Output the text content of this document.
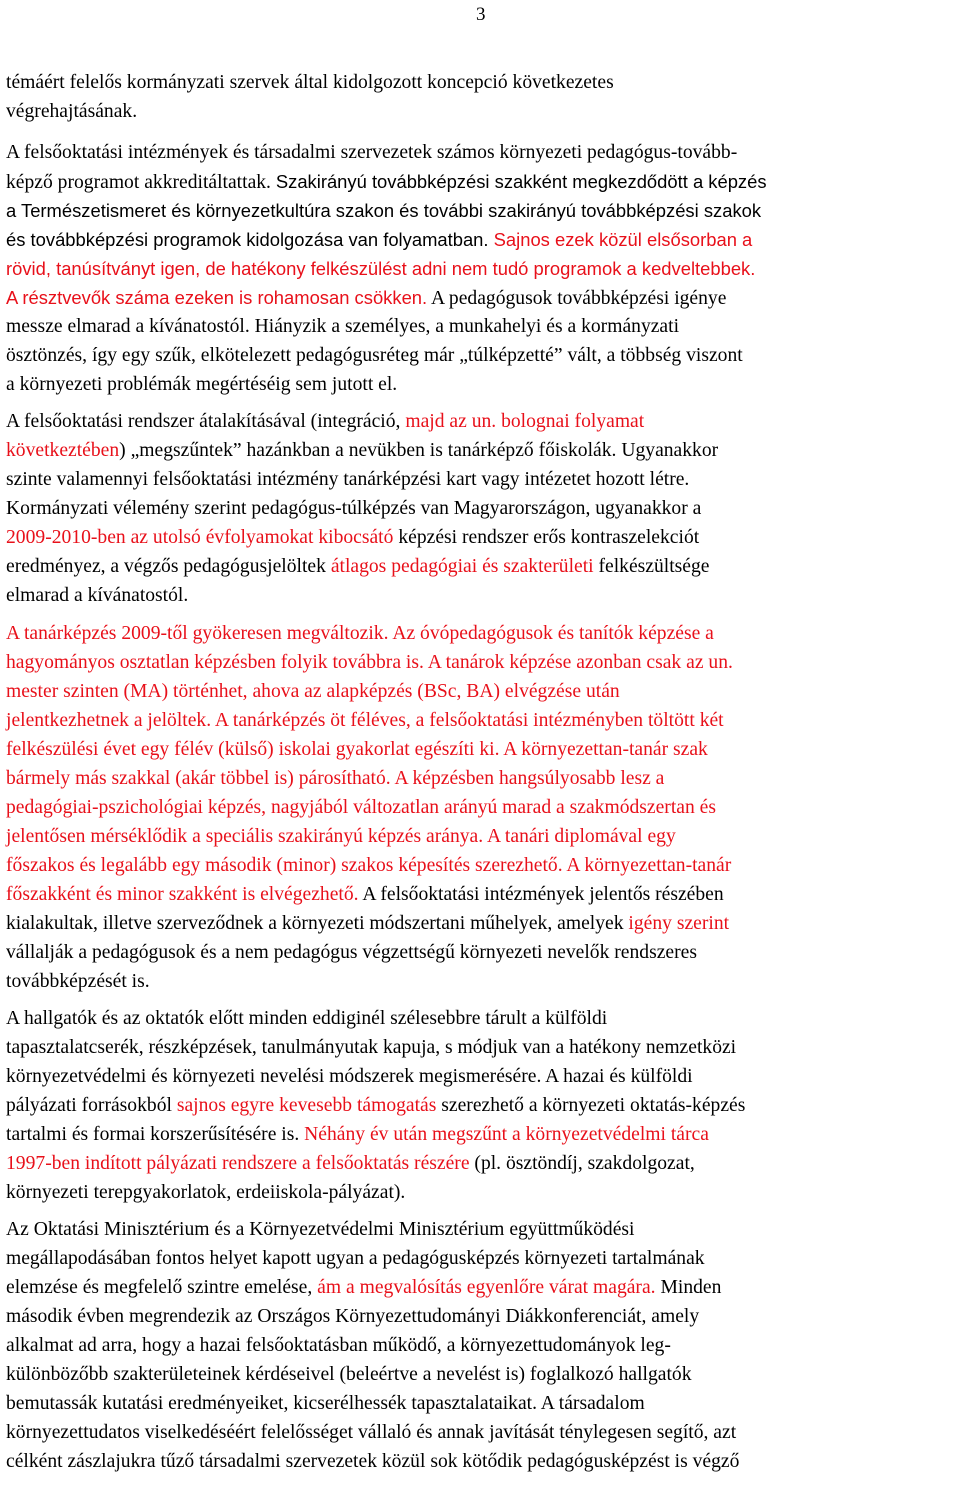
3

témáért felelős kormányzati szervek által kidolgozott koncepció következetes
végrehajtásának.

A felsőoktatási intézmények és társadalmi szervezetek számos környezeti pedagógus-tovább-
képző programot akkreditáltattak. Szakirányú továbbképzési szakként megkezdődött a képzés
a Természetismeret és környezetkultúra szakon és további szakirányú továbbképzési szakok
és továbbképzési programok kidolgozása van folyamatban. Sajnos ezek közül elsősorban a
rövid, tanúsítványt igen, de hatékony felkészülést adni nem tudó programok a kedveltebbek.
A résztvevők száma ezeken is rohamosan csökken. A pedagógusok továbbképzési igénye
messze elmarad a kívánatostól. Hiányzik a személyes, a munkahelyi és a kormányzati
ösztönzés, így egy szűk, elkötelezett pedagógusréteg már „túlképzetté” vált, a többség viszont
a környezeti problémák megértéséig sem jutott el.

A felsőoktatási rendszer átalakításával (integráció, majd az un. bolognai folyamat
következtében) „megszűntek” hazánkban a nevükben is tanárképző főiskolák. Ugyanakkor
szinte valamennyi felsőoktatási intézmény tanárképzési kart vagy intézetet hozott létre.
Kormányzati vélemény szerint pedagógus-túlképzés van Magyarországon, ugyanakkor a
2009-2010-ben az utolsó évfolyamokat kibocsátó képzési rendszer erős kontraszelekciót
eredményez, a végzős pedagógusjelöltek átlagos pedagógiai és szakterületi felkészültsége
elmarad a kívánatostól.

A tanárképzés 2009-től gyökeresen megváltozik. Az óvópedagógusok és tanítók képzése a
hagyományos osztatlan képzésben folyik továbbra is. A tanárok képzése azonban csak az un.
mester szinten (MA) történhet, ahova az alapképzés (BSc, BA) elvégzése után
jelentkezhetnek a jelöltek. A tanárképzés öt féléves, a felsőoktatási intézményben töltött két
felkészülési évet egy félév (külső) iskolai gyakorlat egészíti ki. A környezettan-tanár szak
bármely más szakkal (akár többel is) párosítható. A képzésben hangsúlyosabb lesz a
pedagógiai-pszichológiai képzés, nagyjából változatlan arányú marad a szakmódszertan és
jelentősen mérséklődik a speciális szakirányú képzés aránya. A tanári diplomával egy
főszakos és legalább egy második (minor) szakos képesítés szerezhető. A környezettan-tanár
főszakként és minor szakként is elvégezhető. A felsőoktatási intézmények jelentős részében
kialakultak, illetve szerveződnek a környezeti módszertani műhelyek, amelyek igény szerint
vállalják a pedagógusok és a nem pedagógus végzettségű környezeti nevelők rendszeres
továbbképzését is.

A hallgatók és az oktatók előtt minden eddiginél szélesebbre tárult a külföldi
tapasztalatcserék, részképzések, tanulmányutak kapuja, s módjuk van a hatékony nemzetközi
környezetvédelmi és környezeti nevelési módszerek megismerésére. A hazai és külföldi
pályázati forrásokból sajnos egyre kevesebb támogatás szerezhető a környezeti oktatás-képzés
tartalmi és formai korszerűsítésére is. Néhány év után megszűnt a környezetvédelmi tárca
1997-ben indított pályázati rendszere a felsőoktatás részére (pl. ösztöndíj, szakdolgozat,
környezeti terepgyakorlatok, erdeiiskola-pályázat).

Az Oktatási Minisztérium és a Környezetvédelmi Minisztérium együttműködési
megállapodásában fontos helyet kapott ugyan a pedagógusképzés környezeti tartalmának
elemzése és megfelelő szintre emelése, ám a megvalósítás egyenlőre várat magára. Minden
második évben megrendezik az Országos Környezettudományi Diákkonferenciát, amely
alkalmat ad arra, hogy a hazai felsőoktatásban működő, a környezettudományok leg-
különbözőbb szakterületeinek kérdéseivel (beleértve a nevelést is) foglalkozó hallgatók
bemutassák kutatási eredményeiket, kicserélhessék tapasztalataikat. A társadalom
környezettudatos viselkedéséért felelősséget vállaló és annak javítását ténylegesen segítő, azt
célként zászlajukra tűző társadalmi szervezetek közül sok kötődik pedagógusképzést is végző
